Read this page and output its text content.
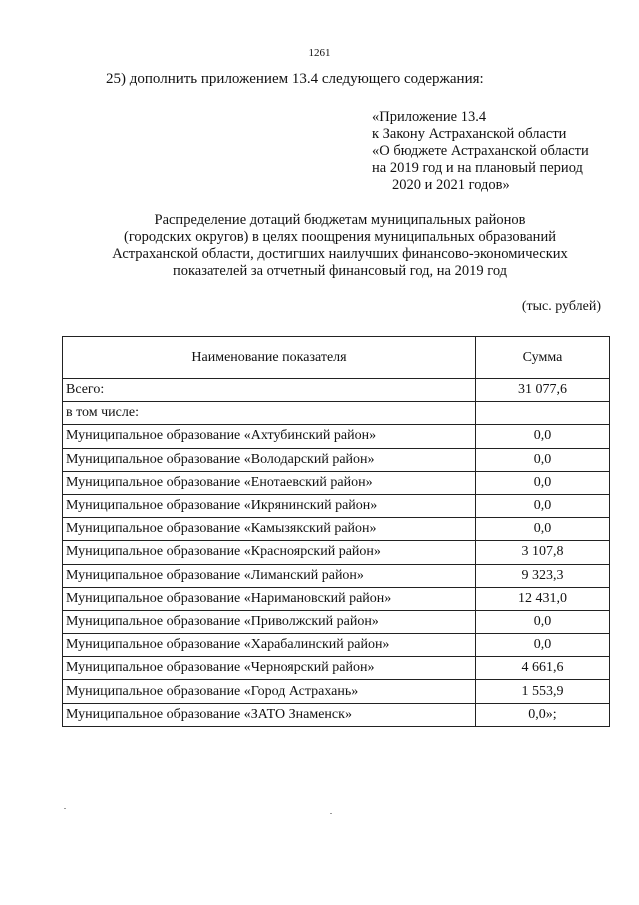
1261
25) дополнить приложением 13.4 следующего содержания:
«Приложение 13.4
к Закону Астраханской области
«О бюджете Астраханской области
на 2019 год и на плановый период
2020 и 2021 годов»
Распределение дотаций бюджетам муниципальных районов
(городских округов) в целях поощрения муниципальных образований
Астраханской области, достигших наилучших финансово-экономических
показателей за отчетный финансовый год, на 2019 год
(тыс. рублей)
Наименование показателя	Сумма
Всего:	31 077,6
в том числе:	
Муниципальное образование «Ахтубинский район»	0,0
Муниципальное образование «Володарский район»	0,0
Муниципальное образование «Енотаевский район»	0,0
Муниципальное образование «Икрянинский район»	0,0
Муниципальное образование «Камызякский район»	0,0
Муниципальное образование «Красноярский район»	3 107,8
Муниципальное образование «Лиманский район»	9 323,3
Муниципальное образование «Наримановский район»	12 431,0
Муниципальное образование «Приволжский район»	0,0
Муниципальное образование «Харабалинский район»	0,0
Муниципальное образование «Черноярский район»	4 661,6
Муниципальное образование «Город Астрахань»	1 553,9
Муниципальное образование «ЗАТО Знаменск»	0,0»;
